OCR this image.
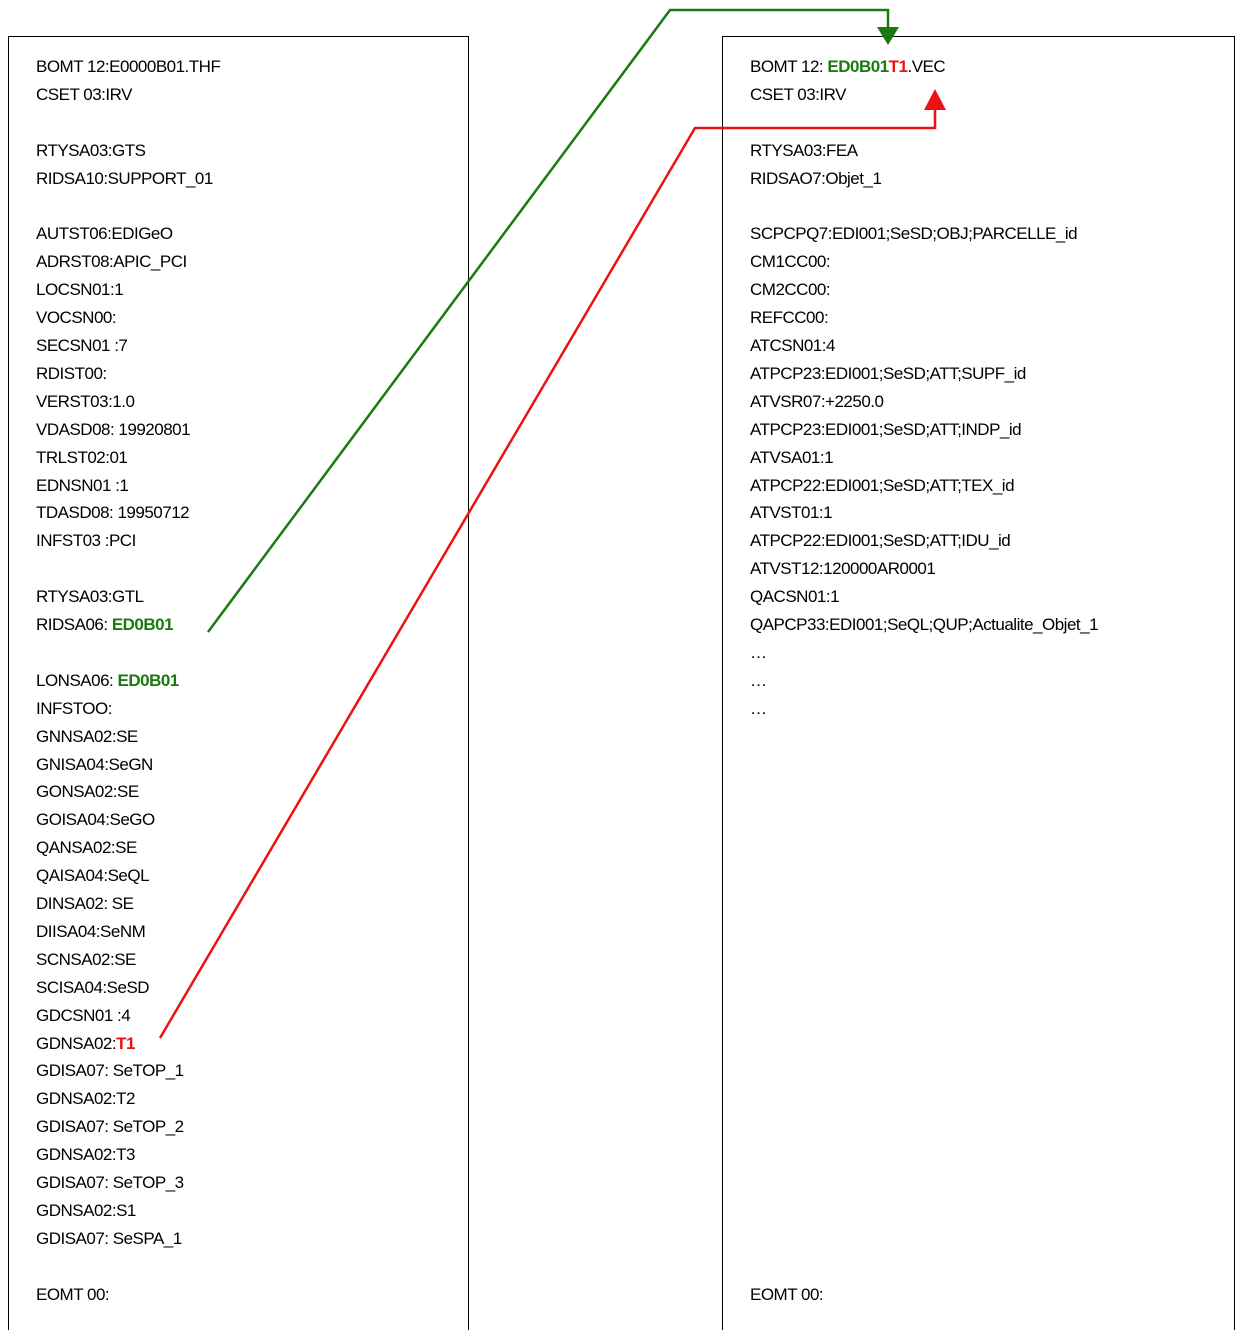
BOMT 12:E0000B01.THF
CSET 03:IRV
RTYSA03:GTS
RIDSA10:SUPPORT_01
AUTST06:EDIGeO
ADRST08:APIC_PCI
LOCSN01:1
VOCSN00:
SECSN01 :7
RDIST00:
VERST03:1.0
VDASD08: 19920801
TRLST02:01
EDNSN01 :1
TDASD08: 19950712
INFST03 :PCI
RTYSA03:GTL
RIDSA06: ED0B01
LONSA06: ED0B01
INFSTOO:
GNNSA02:SE
GNISA04:SeGN
GONSA02:SE
GOISA04:SeGO
QANSA02:SE
QAISA04:SeQL
DINSA02: SE
DIISA04:SeNM
SCNSA02:SE
SCISA04:SeSD
GDCSN01 :4
GDNSA02:T1
GDISA07: SeTOP_1
GDNSA02:T2
GDISA07: SeTOP_2
GDNSA02:T3
GDISA07: SeTOP_3
GDNSA02:S1
GDISA07: SeSPA_1
EOMT 00:
BOMT 12: ED0B01T1.VEC
CSET 03:IRV
RTYSA03:FEA
RIDSAO7:Objet_1
SCPCPQ7:EDI001;SeSD;OBJ;PARCELLE_id
CM1CC00:
CM2CC00:
REFCC00:
ATCSN01:4
ATPCP23:EDI001;SeSD;ATT;SUPF_id
ATVSR07:+2250.0
ATPCP23:EDI001;SeSD;ATT;INDP_id
ATVSA01:1
ATPCP22:EDI001;SeSD;ATT;TEX_id
ATVST01:1
ATPCP22:EDI001;SeSD;ATT;IDU_id
ATVST12:120000AR0001
QACSN01:1
QAPCP33:EDI001;SeQL;QUP;Actualite_Objet_1
…
…
…
EOMT 00:
